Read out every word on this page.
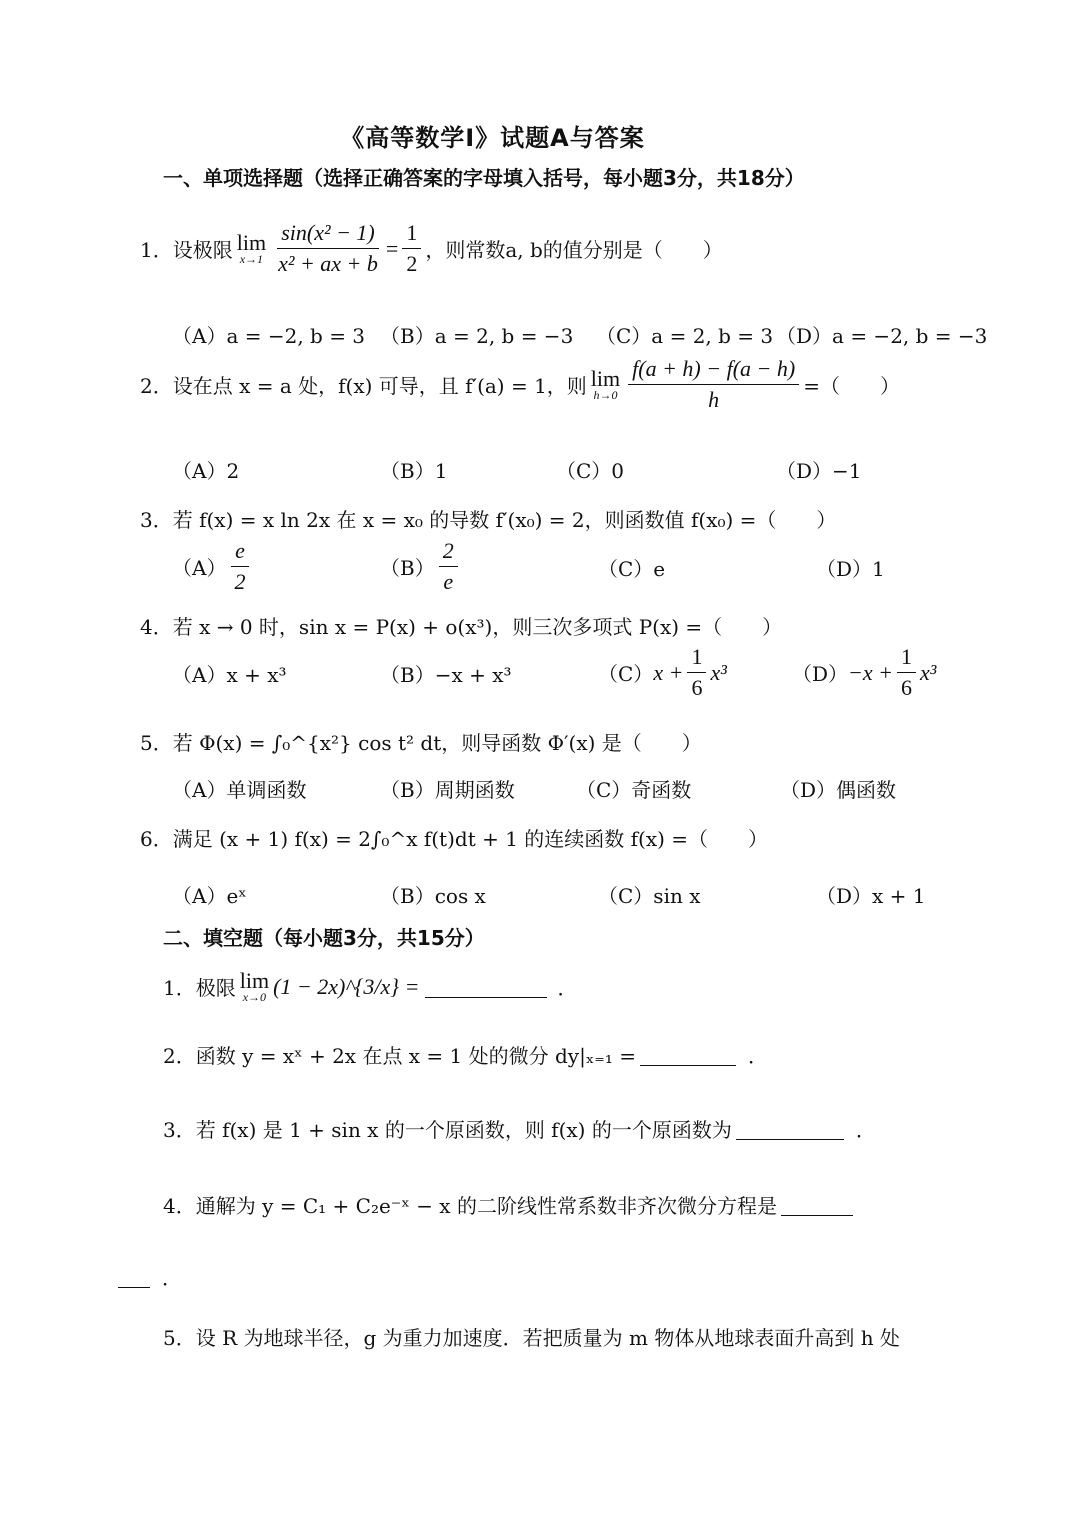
《高等数学Ⅰ》试题A与答案
一、单项选择题（选择正确答案的字母填入括号，每小题3分，共18分）
1． 设极限 lim
$x\to 1 \frac{\text{sin(x² − 1)}}{\text{x² + ax + b}} = \frac{1}{2}$ ，则常数a, b的值分别是（　　）
（A）a = −2, b = 3 （B）a = 2, b = −3 （C）a = 2, b = 3 （D）a = −2, b = −3
2． 设在点 x = a 处，f(x) 可导，且 f′(a) = 1，则 lim
$h\to 0 \frac{f(a + h) - f(a - h)}{h}$ =（　　）
（A）2	（B）1	（C）0	（D）−1
3．若 f(x) = x ln 2x 在 x = x₀ 的导数 f′(x₀) = 2，则函数值 f(x₀) =（　　）
$(A) \frac{e}{2}$	$(B) \frac{2}{e}$	（C）e	（D）1
4．若 x → 0 时，sin x = P(x) + o(x³)，则三次多项式 P(x) =（　　）
（A）x + x³	（B）−x + x³	（C） $x + \frac{1}{6} x^3$	$(D) -x + \frac{1}{6} x^3$
5．若 Φ(x) = ∫₀^{x²} cos t² dt，则导函数 Φ′(x) 是（　　）
（A）单调函数	（B）周期函数	（C）奇函数	（D）偶函数
6．满足 (x + 1) f(x) = 2∫₀^x f(t)dt + 1 的连续函数 f(x) =（　　）
（A）eˣ	（B）cos x	（C）sin x	（D）x + 1
二、填空题（每小题3分，共15分）
1．极限 lim
x→0 (1 − 2x)^{3/x} =	．
2．函数 y = xˣ + 2x 在点 x = 1 处的微分 dy|ₓ₌₁ =	．
3．若 f(x) 是 1 + sin x 的一个原函数，则 f(x) 的一个原函数为	．
4．通解为 y = C₁ + C₂e⁻ˣ − x 的二阶线性常系数非齐次微分方程是
．
5．设 R 为地球半径，g 为重力加速度．若把质量为 m 物体从地球表面升高到 h 处
